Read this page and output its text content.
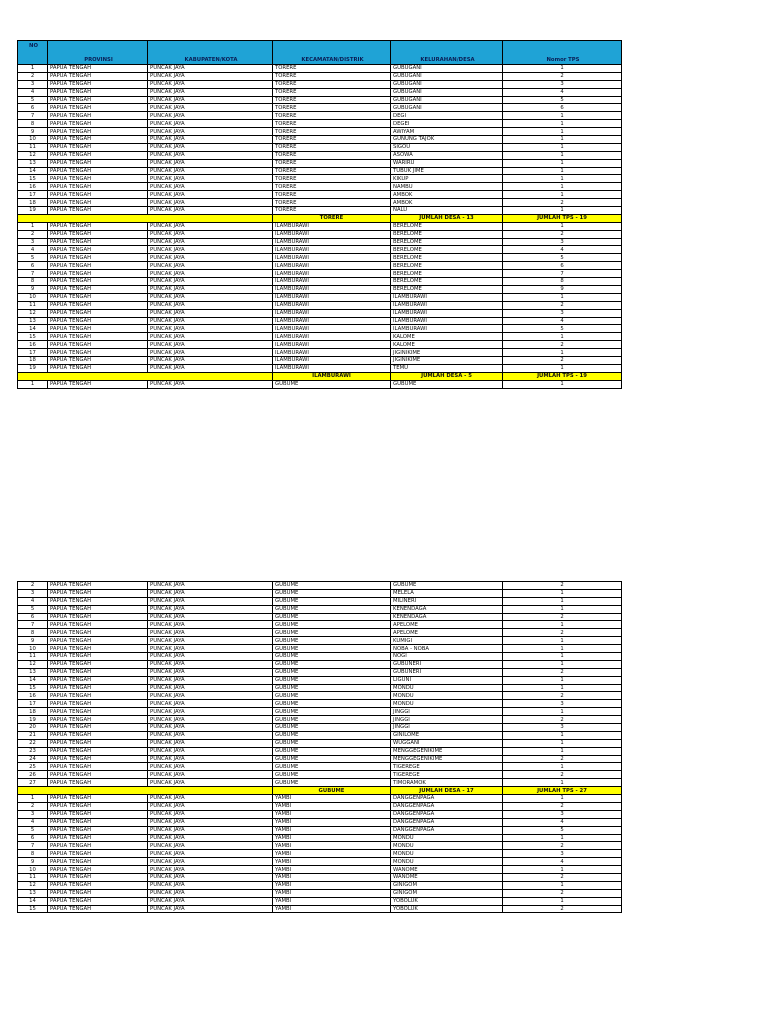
NO	PROVINSI	KABUPATEN/KOTA	KECAMATAN/DISTRIK	KELURAHAN/DESA	Nomor TPS
1	PAPUA TENGAH	PUNCAK JAYA	TORERE	GUBUGANI	1
2	PAPUA TENGAH	PUNCAK JAYA	TORERE	GUBUGANI	2
3	PAPUA TENGAH	PUNCAK JAYA	TORERE	GUBUGANI	3
4	PAPUA TENGAH	PUNCAK JAYA	TORERE	GUBUGANI	4
5	PAPUA TENGAH	PUNCAK JAYA	TORERE	GUBUGANI	5
6	PAPUA TENGAH	PUNCAK JAYA	TORERE	GUBUGANI	6
7	PAPUA TENGAH	PUNCAK JAYA	TORERE	DEGI	1
8	PAPUA TENGAH	PUNCAK JAYA	TORERE	DEGEI	1
9	PAPUA TENGAH	PUNCAK JAYA	TORERE	AWIYAM	1
10	PAPUA TENGAH	PUNCAK JAYA	TORERE	GUNUNG TAJOK	1
11	PAPUA TENGAH	PUNCAK JAYA	TORERE	SIGOU	1
12	PAPUA TENGAH	PUNCAK JAYA	TORERE	ASOWA	1
13	PAPUA TENGAH	PUNCAK JAYA	TORERE	WARIRU	1
14	PAPUA TENGAH	PUNCAK JAYA	TORERE	TUBUK JIME	1
15	PAPUA TENGAH	PUNCAK JAYA	TORERE	KIKUP	1
16	PAPUA TENGAH	PUNCAK JAYA	TORERE	NAMBU	1
17	PAPUA TENGAH	PUNCAK JAYA	TORERE	AMBOK	1
18	PAPUA TENGAH	PUNCAK JAYA	TORERE	AMBOK	2
19	PAPUA TENGAH	PUNCAK JAYA	TORERE	NALU	1
			TORERE	JUMLAH DESA - 13	JUMLAH TPS - 19
1	PAPUA TENGAH	PUNCAK JAYA	ILAMBURAWI	BERELOME	1
2	PAPUA TENGAH	PUNCAK JAYA	ILAMBURAWI	BERELOME	2
3	PAPUA TENGAH	PUNCAK JAYA	ILAMBURAWI	BERELOME	3
4	PAPUA TENGAH	PUNCAK JAYA	ILAMBURAWI	BERELOME	4
5	PAPUA TENGAH	PUNCAK JAYA	ILAMBURAWI	BERELOME	5
6	PAPUA TENGAH	PUNCAK JAYA	ILAMBURAWI	BERELOME	6
7	PAPUA TENGAH	PUNCAK JAYA	ILAMBURAWI	BERELOME	7
8	PAPUA TENGAH	PUNCAK JAYA	ILAMBURAWI	BERELOME	8
9	PAPUA TENGAH	PUNCAK JAYA	ILAMBURAWI	BERELOME	9
10	PAPUA TENGAH	PUNCAK JAYA	ILAMBURAWI	ILAMBURAWI	1
11	PAPUA TENGAH	PUNCAK JAYA	ILAMBURAWI	ILAMBURAWI	2
12	PAPUA TENGAH	PUNCAK JAYA	ILAMBURAWI	ILAMBURAWI	3
13	PAPUA TENGAH	PUNCAK JAYA	ILAMBURAWI	ILAMBURAWI	4
14	PAPUA TENGAH	PUNCAK JAYA	ILAMBURAWI	ILAMBURAWI	5
15	PAPUA TENGAH	PUNCAK JAYA	ILAMBURAWI	KALOME	1
16	PAPUA TENGAH	PUNCAK JAYA	ILAMBURAWI	KALOME	2
17	PAPUA TENGAH	PUNCAK JAYA	ILAMBURAWI	JIGINIKIME	1
18	PAPUA TENGAH	PUNCAK JAYA	ILAMBURAWI	JIGINIKIME	2
19	PAPUA TENGAH	PUNCAK JAYA	ILAMBURAWI	TEMU	1
			ILAMBURAWI	JUMLAH DESA - 5	JUMLAH TPS - 19
1	PAPUA TENGAH	PUNCAK JAYA	GUBUME	GUBUME	1
2	PAPUA TENGAH	PUNCAK JAYA	GUBUME	GUBUME	2
3	PAPUA TENGAH	PUNCAK JAYA	GUBUME	MELELA	1
4	PAPUA TENGAH	PUNCAK JAYA	GUBUME	MILINERI	1
5	PAPUA TENGAH	PUNCAK JAYA	GUBUME	KENENDAGA	1
6	PAPUA TENGAH	PUNCAK JAYA	GUBUME	KENENDAGA	2
7	PAPUA TENGAH	PUNCAK JAYA	GUBUME	APELOME	1
8	PAPUA TENGAH	PUNCAK JAYA	GUBUME	APELOME	2
9	PAPUA TENGAH	PUNCAK JAYA	GUBUME	KUMIGI	1
10	PAPUA TENGAH	PUNCAK JAYA	GUBUME	NOBA - NOBA	1
11	PAPUA TENGAH	PUNCAK JAYA	GUBUME	NOGI	1
12	PAPUA TENGAH	PUNCAK JAYA	GUBUME	GUBUNERI	1
13	PAPUA TENGAH	PUNCAK JAYA	GUBUME	GUBUNERI	2
14	PAPUA TENGAH	PUNCAK JAYA	GUBUME	LIGUNI	1
15	PAPUA TENGAH	PUNCAK JAYA	GUBUME	MONDU	1
16	PAPUA TENGAH	PUNCAK JAYA	GUBUME	MONDU	2
17	PAPUA TENGAH	PUNCAK JAYA	GUBUME	MONDU	3
18	PAPUA TENGAH	PUNCAK JAYA	GUBUME	JINGGI	1
19	PAPUA TENGAH	PUNCAK JAYA	GUBUME	JINGGI	2
20	PAPUA TENGAH	PUNCAK JAYA	GUBUME	JINGGI	3
21	PAPUA TENGAH	PUNCAK JAYA	GUBUME	GINILOME	1
22	PAPUA TENGAH	PUNCAK JAYA	GUBUME	WUGGANI	1
23	PAPUA TENGAH	PUNCAK JAYA	GUBUME	MENGGEGENIKIME	1
24	PAPUA TENGAH	PUNCAK JAYA	GUBUME	MENGGEGENIKIME	2
25	PAPUA TENGAH	PUNCAK JAYA	GUBUME	TIGEREGE	1
26	PAPUA TENGAH	PUNCAK JAYA	GUBUME	TIGEREGE	2
27	PAPUA TENGAH	PUNCAK JAYA	GUBUME	TIMORAMOK	1
			GUBUME	JUMLAH DESA - 17	JUMLAH TPS - 27
1	PAPUA TENGAH	PUNCAK JAYA	YAMBI	DANGGENPAGA	1
2	PAPUA TENGAH	PUNCAK JAYA	YAMBI	DANGGENPAGA	2
3	PAPUA TENGAH	PUNCAK JAYA	YAMBI	DANGGENPAGA	3
4	PAPUA TENGAH	PUNCAK JAYA	YAMBI	DANGGENPAGA	4
5	PAPUA TENGAH	PUNCAK JAYA	YAMBI	DANGGENPAGA	5
6	PAPUA TENGAH	PUNCAK JAYA	YAMBI	MONDU	1
7	PAPUA TENGAH	PUNCAK JAYA	YAMBI	MONDU	2
8	PAPUA TENGAH	PUNCAK JAYA	YAMBI	MONDU	3
9	PAPUA TENGAH	PUNCAK JAYA	YAMBI	MONDU	4
10	PAPUA TENGAH	PUNCAK JAYA	YAMBI	WANOME	1
11	PAPUA TENGAH	PUNCAK JAYA	YAMBI	WANOME	2
12	PAPUA TENGAH	PUNCAK JAYA	YAMBI	GINIGOM	1
13	PAPUA TENGAH	PUNCAK JAYA	YAMBI	GINIGOM	2
14	PAPUA TENGAH	PUNCAK JAYA	YAMBI	YOBOLUK	1
15	PAPUA TENGAH	PUNCAK JAYA	YAMBI	YOBOLUK	2
